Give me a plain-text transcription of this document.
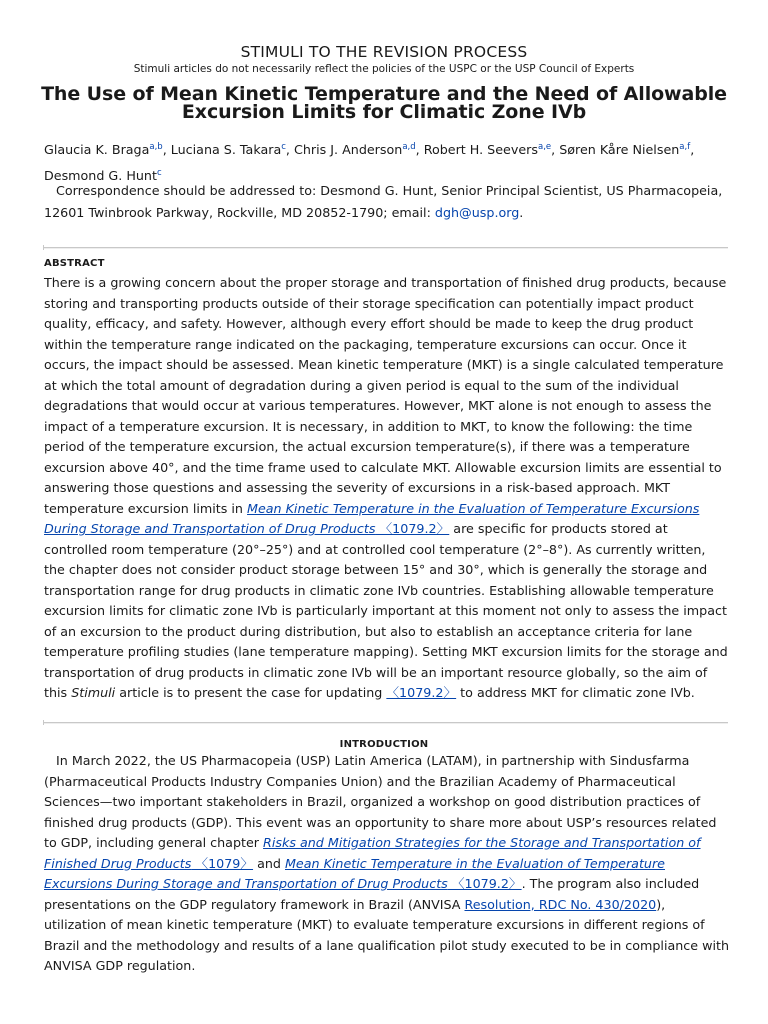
STIMULI TO THE REVISION PROCESS
Stimuli articles do not necessarily reflect the policies of the USPC or the USP Council of Experts
The Use of Mean Kinetic Temperature and the Need of Allowable
Excursion Limits for Climatic Zone IVb
Glaucia K. Braga$^{a,b}$, Luciana S. Takara$^c$, Chris J. Anderson$^{a,d}$, Robert H. Seevers$^{a,e}$, Søren Kåre Nielsen$^{a,f}$,
Desmond G. Hunt$^c$
Correspondence should be addressed to: Desmond G. Hunt, Senior Principal Scientist, US Pharmacopeia, 12601 Twinbrook Parkway, Rockville, MD 20852-1790; email: dgh@usp.org.
ABSTRACT
There is a growing concern about the proper storage and transportation of finished drug products, because storing and transporting products outside of their storage specification can potentially impact product quality, efficacy, and safety. However, although every effort should be made to keep the drug product within the temperature range indicated on the packaging, temperature excursions can occur. Once it occurs, the impact should be assessed. Mean kinetic temperature (MKT) is a single calculated temperature at which the total amount of degradation during a given period is equal to the sum of the individual degradations that would occur at various temperatures. However, MKT alone is not enough to assess the impact of a temperature excursion. It is necessary, in addition to MKT, to know the following: the time period of the temperature excursion, the actual excursion temperature(s), if there was a temperature excursion above 40°, and the time frame used to calculate MKT. Allowable excursion limits are essential to answering those questions and assessing the severity of excursions in a risk-based approach. MKT temperature excursion limits in Mean Kinetic Temperature in the Evaluation of Temperature Excursions During Storage and Transportation of Drug Products 〈1079.2〉 are specific for products stored at controlled room temperature (20°–25°) and at controlled cool temperature (2°–8°). As currently written, the chapter does not consider product storage between 15° and 30°, which is generally the storage and transportation range for drug products in climatic zone IVb countries. Establishing allowable temperature excursion limits for climatic zone IVb is particularly important at this moment not only to assess the impact of an excursion to the product during distribution, but also to establish an acceptance criteria for lane temperature profiling studies (lane temperature mapping). Setting MKT excursion limits for the storage and transportation of drug products in climatic zone IVb will be an important resource globally, so the aim of this Stimuli article is to present the case for updating 〈1079.2〉 to address MKT for climatic zone IVb.
INTRODUCTION
In March 2022, the US Pharmacopeia (USP) Latin America (LATAM), in partnership with Sindusfarma (Pharmaceutical Products Industry Companies Union) and the Brazilian Academy of Pharmaceutical Sciences—two important stakeholders in Brazil, organized a workshop on good distribution practices of finished drug products (GDP). This event was an opportunity to share more about USP’s resources related to GDP, including general chapter Risks and Mitigation Strategies for the Storage and Transportation of Finished Drug Products 〈1079〉 and Mean Kinetic Temperature in the Evaluation of Temperature Excursions During Storage and Transportation of Drug Products 〈1079.2〉. The program also included presentations on the GDP regulatory framework in Brazil (ANVISA Resolution, RDC No. 430/2020), utilization of mean kinetic temperature (MKT) to evaluate temperature excursions in different regions of Brazil and the methodology and results of a lane qualification pilot study executed to be in compliance with ANVISA GDP regulation.
